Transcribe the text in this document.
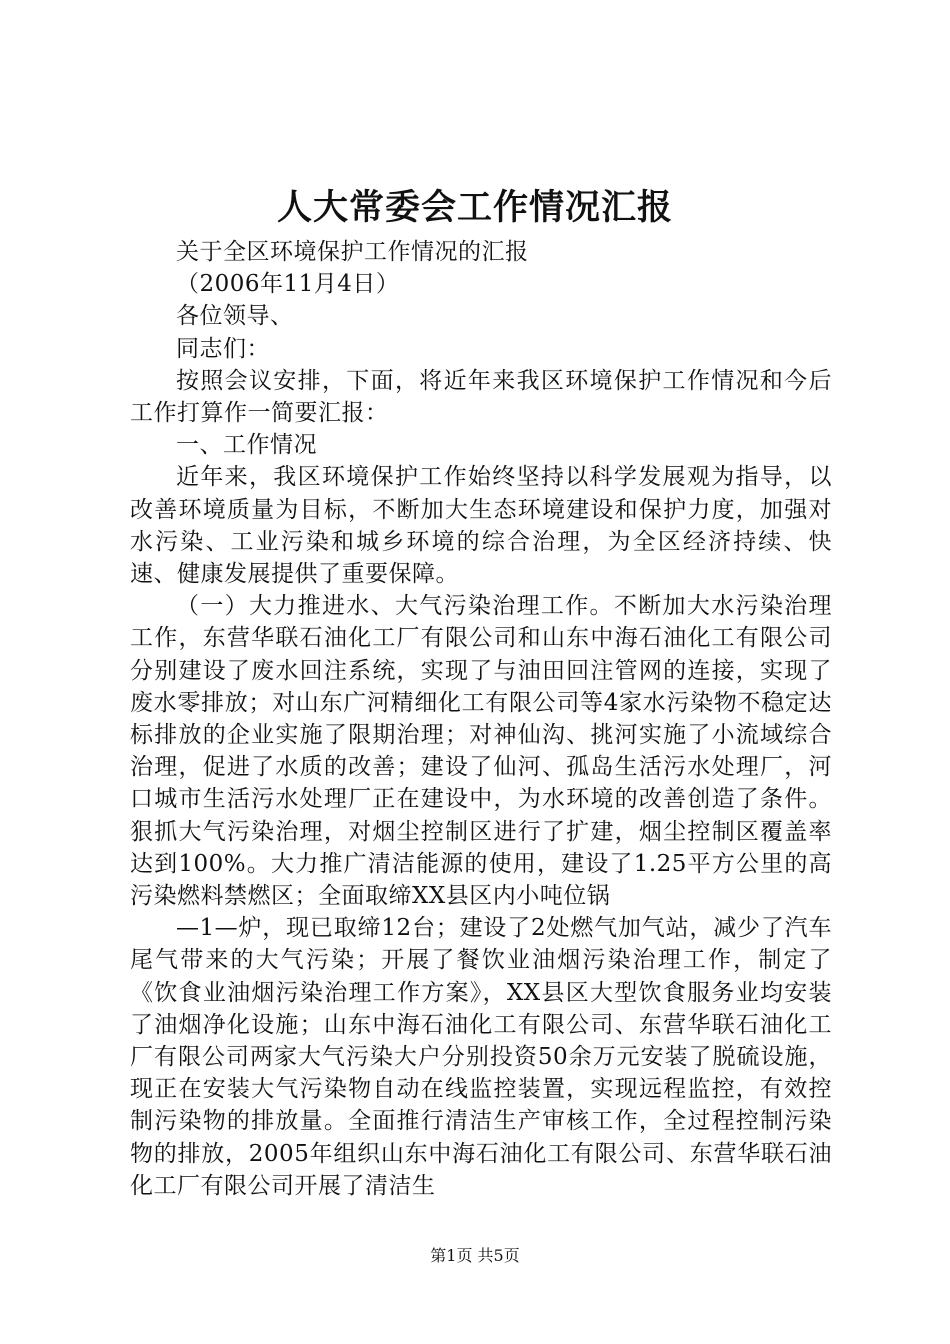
人大常委会工作情况汇报

关于全区环境保护工作情况的汇报

（2006年11月4日）

各位领导、

同志们：

按照会议安排，下面，将近年来我区环境保护工作情况和今后工作打算作一简要汇报：

一、工作情况

近年来，我区环境保护工作始终坚持以科学发展观为指导，以改善环境质量为目标，不断加大生态环境建设和保护力度，加强对水污染、工业污染和城乡环境的综合治理，为全区经济持续、快速、健康发展提供了重要保障。

（一）大力推进水、大气污染治理工作。不断加大水污染治理工作，东营华联石油化工厂有限公司和山东中海石油化工有限公司分别建设了废水回注系统，实现了与油田回注管网的连接，实现了废水零排放；对山东广河精细化工有限公司等4家水污染物不稳定达标排放的企业实施了限期治理；对神仙沟、挑河实施了小流域综合治理，促进了水质的改善；建设了仙河、孤岛生活污水处理厂，河口城市生活污水处理厂正在建设中，为水环境的改善创造了条件。狠抓大气污染治理，对烟尘控制区进行了扩建，烟尘控制区覆盖率达到100%。大力推广清洁能源的使用，建设了1.25平方公里的高污染燃料禁燃区；全面取缔XX县区内小吨位锅

—1—炉，现已取缔12台；建设了2处燃气加气站，减少了汽车尾气带来的大气污染；开展了餐饮业油烟污染治理工作，制定了《饮食业油烟污染治理工作方案》，XX县区大型饮食服务业均安装了油烟净化设施；山东中海石油化工有限公司、东营华联石油化工厂有限公司两家大气污染大户分别投资50余万元安装了脱硫设施，现正在安装大气污染物自动在线监控装置，实现远程监控，有效控制污染物的排放量。全面推行清洁生产审核工作，全过程控制污染物的排放，2005年组织山东中海石油化工有限公司、东营华联石油化工厂有限公司开展了清洁生

第1页 共5页
